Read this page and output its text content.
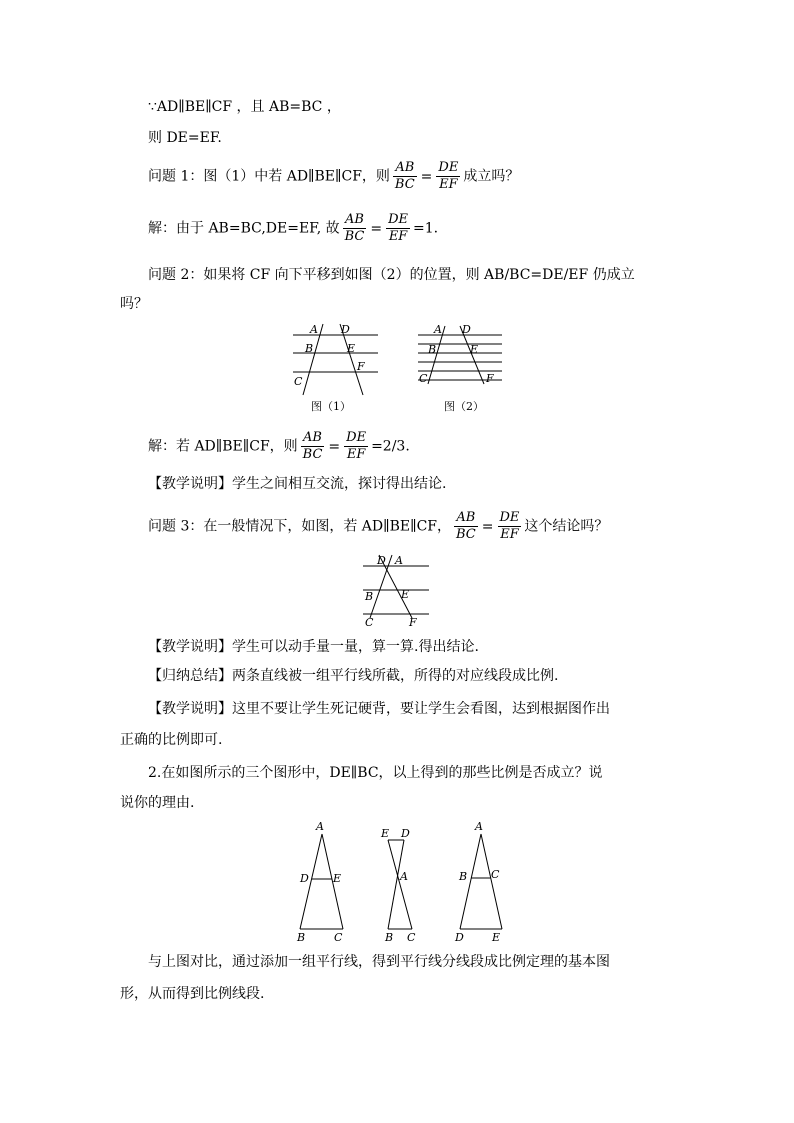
∵AD∥BE∥CF ，且 AB=BC ，
则 DE=EF.
问题 1：图（1）中若 AD∥BE∥CF，则 $\frac{AB}{BC} = \frac{DE}{EF}$ 成立吗？
解：由于 AB=BC,DE=EF, 故 $\frac{AB}{BC} = \frac{DE}{EF} =1$.
问题 2：如果将 CF 向下平移到如图（2）的位置，则 AB/BC=DE/EF 仍成立
吗？
A D
B	E
C
F
图（1）
A D
B	E
C	F
图（2）
解：若 AD∥BE∥CF，则 $\frac{AB}{BC} = \frac{DE}{EF} =2/3$.
【教学说明】学生之间相互交流，探讨得出结论.
问题 3：在一般情况下，如图，若 AD∥BE∥CF， $\frac{AB}{BC} = \frac{DE}{EF}$ 这个结论吗？
D A
B	E
C	F
【教学说明】学生可以动手量一量，算一算.得出结论.
【归纳总结】两条直线被一组平行线所截，所得的对应线段成比例.
【教学说明】这里不要让学生死记硬背，要让学生会看图，达到根据图作出
正确的比例即可.
2.在如图所示的三个图形中，DE∥BC，以上得到的那些比例是否成立？说
说你的理由.
A
D E
B	C
E D
A
B C
A
B C
D	E
与上图对比，通过添加一组平行线，得到平行线分线段成比例定理的基本图
形，从而得到比例线段.
